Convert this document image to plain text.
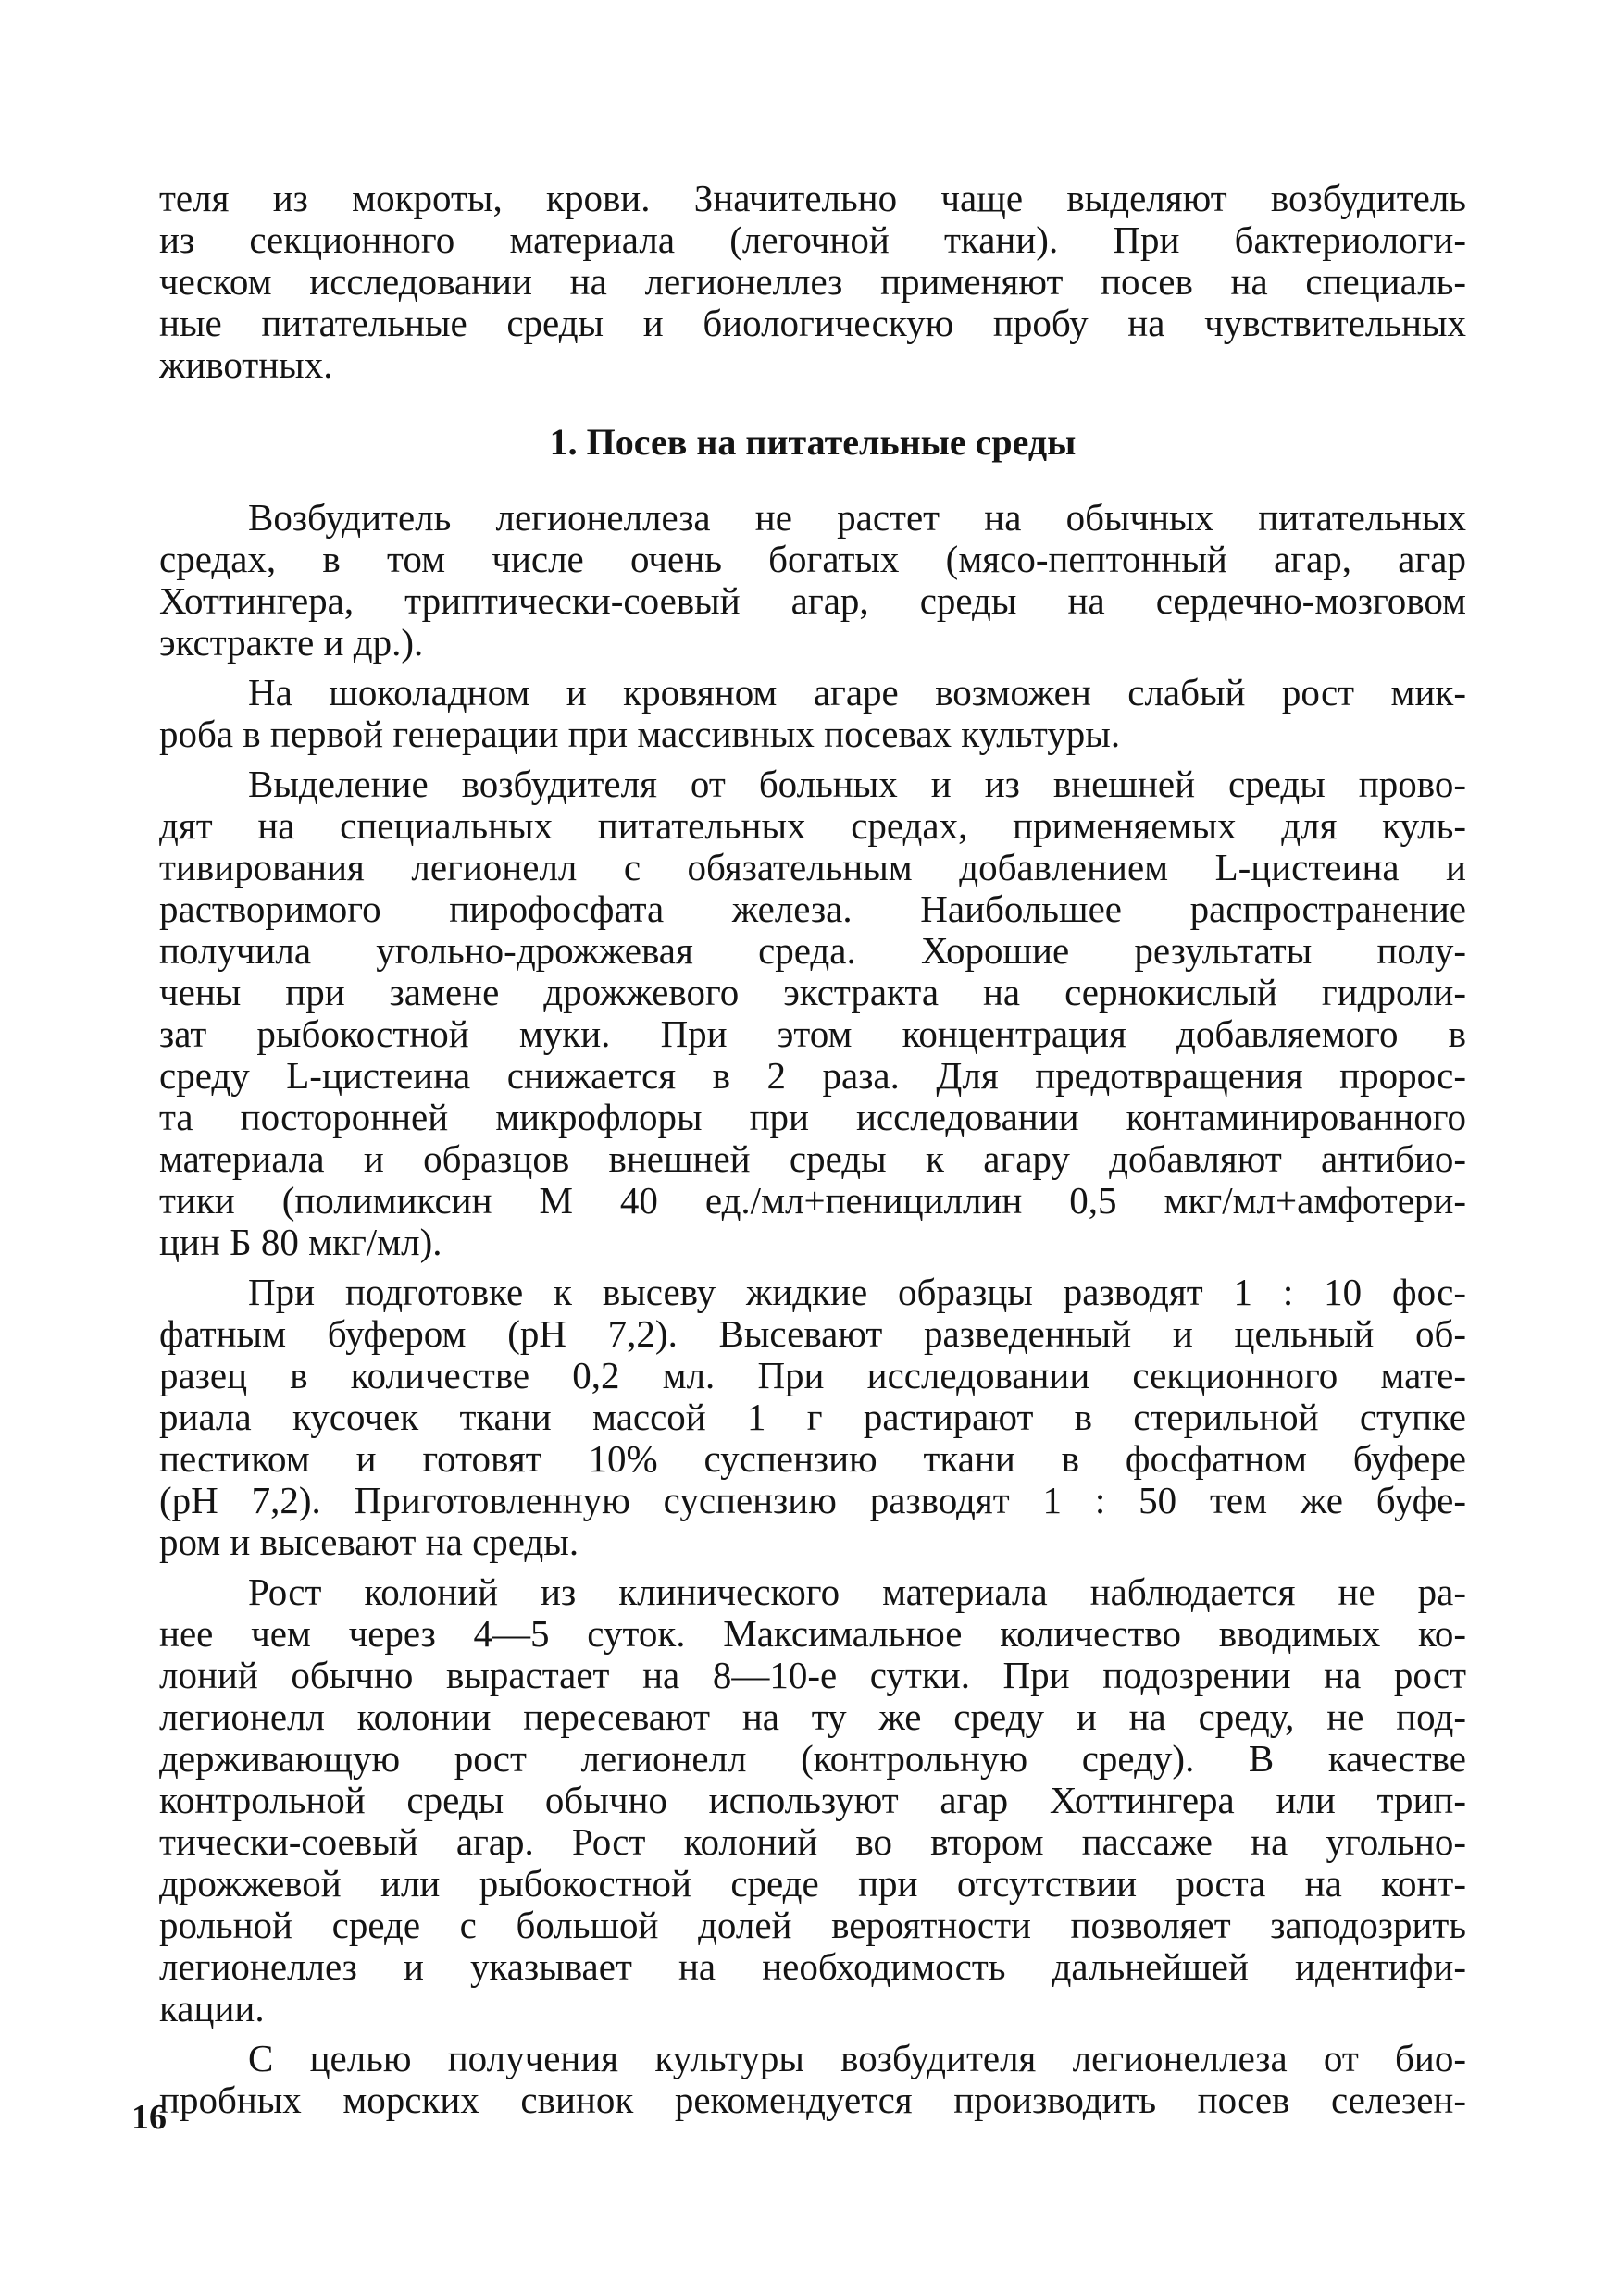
теля из мокроты, крови. Значительно чаще выделяют возбудитель
из секционного материала (легочной ткани). При бактериологи-
ческом исследовании на легионеллез применяют посев на специаль-
ные питательные среды и биологическую пробу на чувствительных
животных.
1. Посев на питательные среды
Возбудитель легионеллеза не растет на обычных питательных
средах, в том числе очень богатых (мясо-пептонный агар, агар
Хоттингера, триптически-соевый агар, среды на сердечно-мозговом
экстракте и др.).
На шоколадном и кровяном агаре возможен слабый рост мик-
роба в первой генерации при массивных посевах культуры.
Выделение возбудителя от больных и из внешней среды прово-
дят на специальных питательных средах, применяемых для куль-
тивирования легионелл с обязательным добавлением L-цистеина и
растворимого пирофосфата железа. Наибольшее распространение
получила угольно-дрожжевая среда. Хорошие результаты полу-
чены при замене дрожжевого экстракта на сернокислый гидроли-
зат рыбокостной муки. При этом концентрация добавляемого в
среду L-цистеина снижается в 2 раза. Для предотвращения пророс-
та посторонней микрофлоры при исследовании контаминированного
материала и образцов внешней среды к агару добавляют антибио-
тики (полимиксин М 40 ед./мл+пенициллин 0,5 мкг/мл+амфотери-
цин Б 80 мкг/мл).
При подготовке к высеву жидкие образцы разводят 1 : 10 фос-
фатным буфером (pH 7,2). Высевают разведенный и цельный об-
разец в количестве 0,2 мл. При исследовании секционного мате-
риала кусочек ткани массой 1 г растирают в стерильной ступке
пестиком и готовят 10% суспензию ткани в фосфатном буфере
(pH 7,2). Приготовленную суспензию разводят 1 : 50 тем же буфе-
ром и высевают на среды.
Рост колоний из клинического материала наблюдается не ра-
нее чем через 4—5 суток. Максимальное количество вводимых ко-
лоний обычно вырастает на 8—10-е сутки. При подозрении на рост
легионелл колонии пересевают на ту же среду и на среду, не под-
держивающую рост легионелл (контрольную среду). В качестве
контрольной среды обычно используют агар Хоттингера или трип-
тически-соевый агар. Рост колоний во втором пассаже на угольно-
дрожжевой или рыбокостной среде при отсутствии роста на конт-
рольной среде с большой долей вероятности позволяет заподозрить
легионеллез и указывает на необходимость дальнейшей идентифи-
кации.
С целью получения культуры возбудителя легионеллеза от био-
пробных морских свинок рекомендуется производить посев селезен-
16
